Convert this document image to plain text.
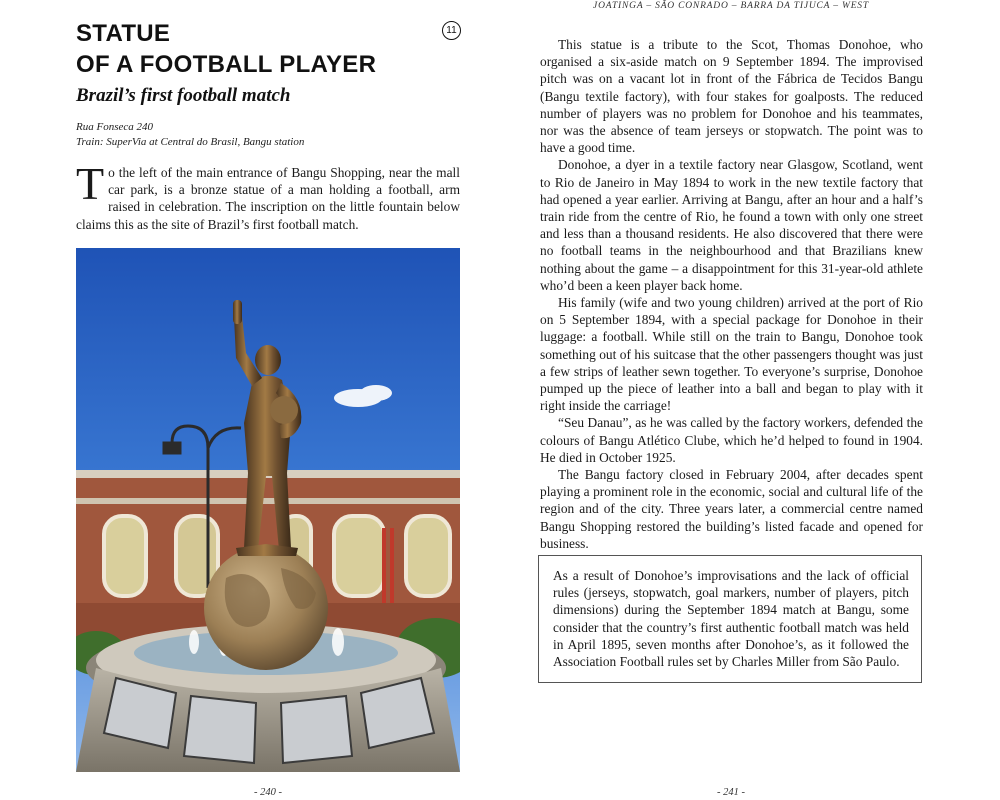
JOATINGA – SÃO CONRADO – BARRA DA TIJUCA – WEST
STATUE
OF A FOOTBALL PLAYER
11
Brazil’s first football match
Rua Fonseca 240
Train: SuperVia at Central do Brasil, Bangu station

To the left of the main entrance of Bangu Shopping, near the mall car park, is a bronze statue of a man holding a football, arm raised in celebration. The inscription on the little fountain below claims this as the site of Brazil’s first football match.

- 240 -

This statue is a tribute to the Scot, Thomas Donohoe, who organised a six-aside match on 9 September 1894. The improvised pitch was on a vacant lot in front of the Fábrica de Tecidos Bangu (Bangu textile factory), with four stakes for goalposts. The reduced number of players was no problem for Donohoe and his teammates, nor was the absence of team jerseys or stopwatch. The point was to have a good time.

Donohoe, a dyer in a textile factory near Glasgow, Scotland, went to Rio de Janeiro in May 1894 to work in the new textile factory that had opened a year earlier. Arriving at Bangu, after an hour and a half’s train ride from the centre of Rio, he found a town with only one street and less than a thousand residents. He also discovered that there were no football teams in the neighbourhood and that Brazilians knew nothing about the game – a disappointment for this 31-year-old athlete who’d been a keen player back home.

His family (wife and two young children) arrived at the port of Rio on 5 September 1894, with a special package for Donohoe in their luggage: a football. While still on the train to Bangu, Donohoe took something out of his suitcase that the other passengers thought was just a few strips of leather sewn together. To everyone’s surprise, Donohoe pumped up the piece of leather into a ball and began to play with it right inside the carriage!

“Seu Danau”, as he was called by the factory workers, defended the colours of Bangu Atlético Clube, which he’d helped to found in 1904. He died in October 1925.

The Bangu factory closed in February 2004, after decades spent playing a prominent role in the economic, social and cultural life of the region and of the city. Three years later, a commercial centre named Bangu Shopping restored the building’s listed facade and opened for business.

As a result of Donohoe’s improvisations and the lack of official rules (jerseys, stopwatch, goal markers, number of players, pitch dimensions) during the September 1894 match at Bangu, some consider that the country’s first authentic football match was held in April 1895, seven months after Donohoe’s, as it followed the Association Football rules set by Charles Miller from São Paulo.

- 241 -
